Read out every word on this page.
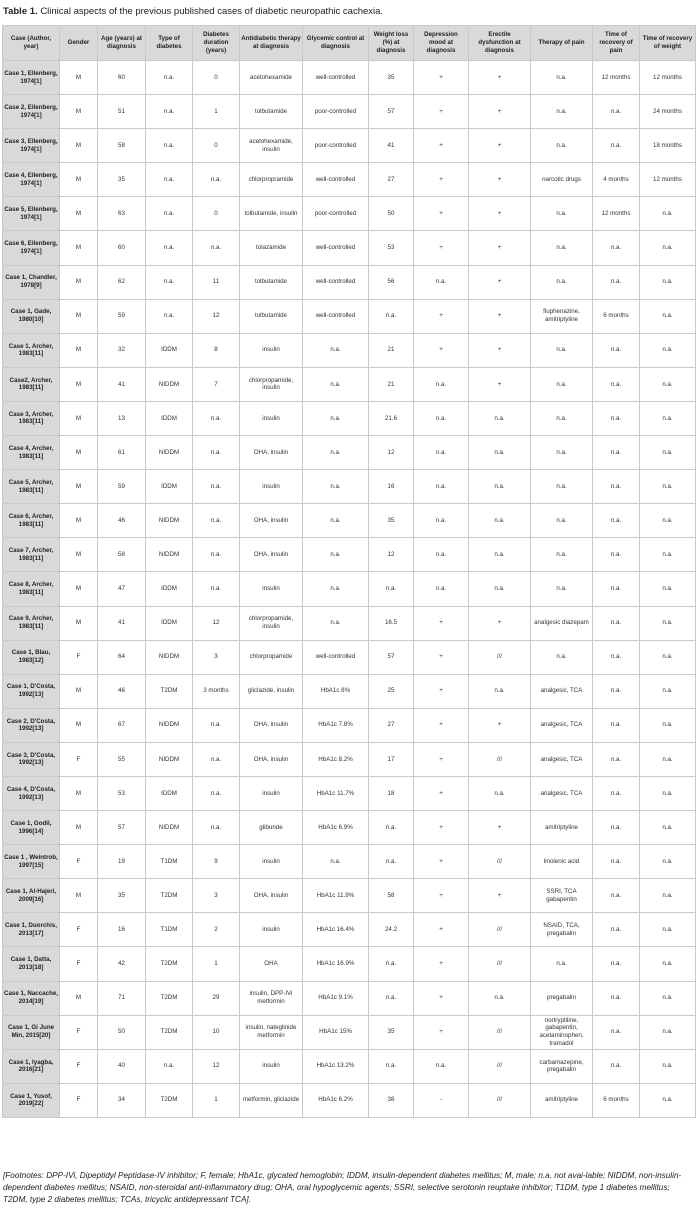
Table 1. Clinical aspects of the previous published cases of diabetic neuropathic cachexia.
Case (Author, year)	Gender	Age (years) at diagnosis	Type of diabetes	Diabetes duration (years)	Antidiabetic therapy at diagnosis	Glycemic control at diagnosis	Weight loss (%) at diagnosis	Depression mood at diagnosis	Erectile dysfunction at diagnosis	Therapy of pain	Time of recovery of pain	Time of recovery of weight
Case 1, Ellenberg, 1974[1]	M	60	n.a.	0	acetohexamide	well-controlled	35	+	+	n.a.	12 months	12 months
Case 2, Ellenberg, 1974[1]	M	51	n.a.	1	tolbutamide	poor-controlled	57	+	+	n.a.	n.a.	24 months
Case 3, Ellenberg, 1974[1]	M	58	n.a.	0	acetohexamide, insulin	poor-controlled	41	+	+	n.a.	n.a.	18 months
Case 4, Ellenberg, 1974[1]	M	35	n.a.	n.a.	chlorpropramide	well-controlled	27	+	+	narcotic drugs	4 months	12 months
Case 5, Ellenberg, 1974[1]	M	63	n.a.	0	tolbutamide, insulin	poor-controlled	50	+	+	n.a.	12 months	n.a.
Case 6, Ellenberg, 1974[1]	M	60	n.a.	n.a.	tolazamide	well-controlled	53	+	+	n.a.	n.a.	n.a.
Case 1, Chandler, 1978[9]	M	62	n.a.	11	tolbutamide	well-controlled	56	n.a.	+	n.a.	n.a.	n.a.
Case 1, Gade, 1980[10]	M	59	n.a.	12	tolbutamide	well-controlled	n.a.	+	+	fluphenazine, amitriptyline	6 months	n.a.
Case 1, Archer, 1983[11]	M	32	IDDM	8	insulin	n.a.	21	+	+	n.a.	n.a.	n.a.
Case2, Archer, 1983[11]	M	41	NIDDM	7	chlorpropamide, insulin	n.a.	21	n.a.	+	n.a.	n.a.	n.a.
Case 3, Archer, 1983[11]	M	13	IDDM	n.a.	insulin	n.a.	21.6	n.a.	n.a.	n.a.	n.a.	n.a.
Case 4, Archer, 1983[11]	M	61	NIDDM	n.a.	OHA, insulin	n.a.	12	n.a.	n.a.	n.a.	n.a.	n.a.
Case 5, Archer, 1983[11]	M	59	IDDM	n.a.	insulin	n.a.	16	n.a.	n.a.	n.a.	n.a.	n.a.
Case 6, Archer, 1983[11]	M	46	NIDDM	n.a.	OHA, insulin	n.a.	35	n.a.	n.a.	n.a.	n.a.	n.a.
Case 7, Archer, 1983[11]	M	58	NIDDM	n.a.	OHA, insulin	n.a.	12	n.a.	n.a.	n.a.	n.a.	n.a.
Case 8, Archer, 1983[11]	M	47	IDDM	n.a.	insulin	n.a.	n.a.	n.a.	n.a.	n.a.	n.a.	n.a.
Case 9, Archer, 1983[11]	M	41	IDDM	12	chlorpropamide, insulin	n.a.	16.5	+	+	analgesic diazepam	n.a.	n.a.
Case 1, Blau, 1983[12]	F	64	NIDDM	3	chlorpropamide	well-controlled	57	+	///	n.a.	n.a.	n.a.
Case 1, D'Costa, 1992[13]	M	46	T2DM	3 months	gliclazide, insulin	HbA1c 8%	25	+	n.a.	analgesic, TCA	n.a.	n.a.
Case 2, D'Costa, 1992[13]	M	67	NIDDM	n.a.	OHA, insulin	HbA1c 7.8%	27	+	+	analgesic, TCA	n.a.	n.a.
Case 3, D'Costa, 1992[13]	F	55	NIDDM	n.a.	OHA, insulin	HbA1c 8.2%	17	+	///	analgesic, TCA	n.a.	n.a.
Case 4, D'Costa, 1992[13]	M	53	IDDM	n.a.	insulin	HbA1c 11.7%	18	+	n.a.	analgesic, TCA	n.a.	n.a.
Case 1, Godil, 1996[14]	M	57	NIDDM	n.a.	gliburide	HbA1c 6.9%	n.a.	+	+	amitriptyline	n.a.	n.a.
Case 1 , Weintrob, 1997[15]	F	19	T1DM	9	insulin	n.a.	n.a.	+	///	linolenic acid	n.a.	n.a.
Case 1, Al-Hajeri, 2009[16]	M	35	T2DM	3	OHA, insulin	HbA1c 11.9%	58	+	+	SSRI, TCA gabapentin	n.a.	n.a.
Case 1, Duorchis, 2013[17]	F	16	T1DM	2	insulin	HbA1c 16.4%	24.2	+	///	NSAID, TCA, pregabalin	n.a.	n.a.
Case 1, Datta, 2013[18]	F	42	T2DM	1	OHA	HbA1c 16.9%	n.a.	+	///	n.a.	n.a.	n.a.
Case 1, Naccache, 2014[19]	M	71	T2DM	29	insulin, DPP-IVi metformin	HbA1c 9.1%	n.a.	+	n.a.	pregabalin	n.a.	n.a.
Case 1, Gi June Min, 2015[20]	F	50	T2DM	10	insulin, nateglinide metformin	HbA1c 15%	35	+	///	nortryptiline, gabapentin, acetaminophen, tramadol	n.a.	n.a.
Case 1, Iyagba, 2016[21]	F	40	n.a.	12	insulin	HbA1c 13.2%	n.a.	n.a.	///	carbamazepine, pregabalin	n.a.	n.a.
Case 1, Yusof, 2019[22]	F	34	T2DM	1	metformin, gliclazide	HbA1c 6.2%	38	-	///	amitriptyline	6 months	n.a.
[Footnotes: DPP-IVi, Dipeptidyl Peptidase-IV inhibitor; F, female; HbA1c, glycated hemoglobin; IDDM, insulin-dependent diabetes mellitus; M, male; n.a. not avai-lable; NIDDM, non-insulin-dependent diabetes mellitus; NSAID, non-steroidal anti-inflammatory drug; OHA, oral hypoglycemic agents; SSRI, selective serotonin reuptake inhibitor; T1DM, type 1 diabetes mellitus; T2DM, type 2 diabetes mellitus; TCAs, tricyclic antidepressant TCA].
